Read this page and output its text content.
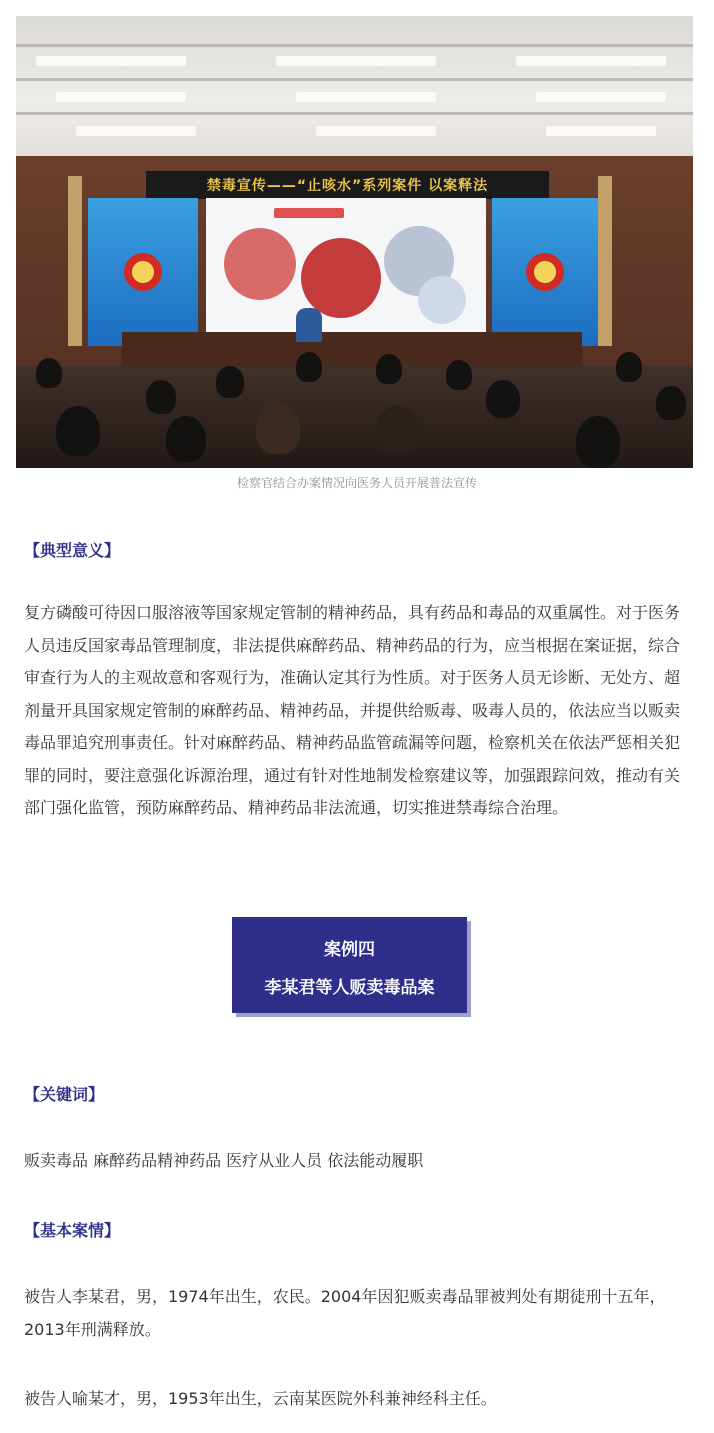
禁毒宣传——“止咳水”系列案件 以案释法
检察官结合办案情况向医务人员开展普法宣传
【典型意义】

复方磷酸可待因口服溶液等国家规定管制的精神药品，具有药品和毒品的双重属性。对于医务人员违反国家毒品管理制度，非法提供麻醉药品、精神药品的行为，应当根据在案证据，综合审查行为人的主观故意和客观行为，准确认定其行为性质。对于医务人员无诊断、无处方、超剂量开具国家规定管制的麻醉药品、精神药品，并提供给贩毒、吸毒人员的，依法应当以贩卖毒品罪追究刑事责任。针对麻醉药品、精神药品监管疏漏等问题，检察机关在依法严惩相关犯罪的同时，要注意强化诉源治理，通过有针对性地制发检察建议等，加强跟踪问效，推动有关部门强化监管，预防麻醉药品、精神药品非法流通，切实推进禁毒综合治理。

案例四
李某君等人贩卖毒品案
【关键词】

贩卖毒品 麻醉药品精神药品 医疗从业人员 依法能动履职

【基本案情】

被告人李某君，男，1974年出生，农民。2004年因犯贩卖毒品罪被判处有期徒刑十五年，2013年刑满释放。

被告人喻某才，男，1953年出生，云南某医院外科兼神经科主任。
